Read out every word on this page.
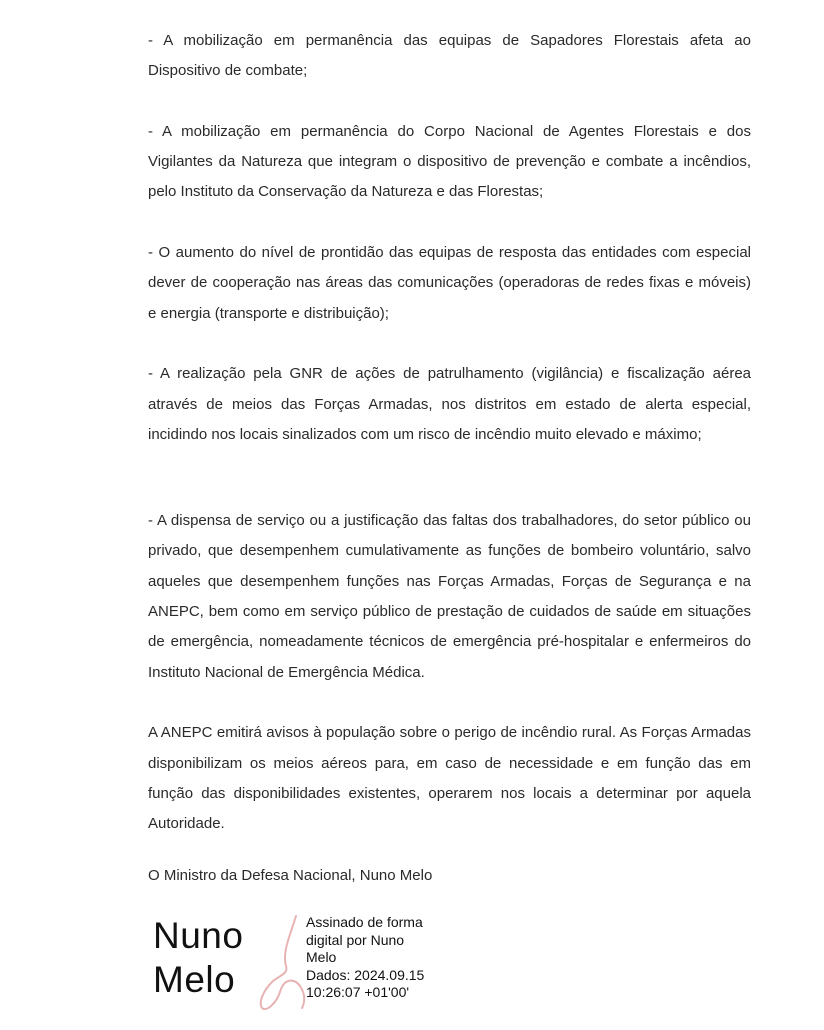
- A mobilização em permanência das equipas de Sapadores Florestais afeta ao Dispositivo de combate;

- A mobilização em permanência do Corpo Nacional de Agentes Florestais e dos Vigilantes da Natureza que integram o dispositivo de prevenção e combate a incêndios, pelo Instituto da Conservação da Natureza e das Florestas;

- O aumento do nível de prontidão das equipas de resposta das entidades com especial dever de cooperação nas áreas das comunicações (operadoras de redes fixas e móveis) e energia (transporte e distribuição);

- A realização pela GNR de ações de patrulhamento (vigilância) e fiscalização aérea através de meios das Forças Armadas, nos distritos em estado de alerta especial, incidindo nos locais sinalizados com um risco de incêndio muito elevado e máximo;

- A dispensa de serviço ou a justificação das faltas dos trabalhadores, do setor público ou privado, que desempenhem cumulativamente as funções de bombeiro voluntário, salvo aqueles que desempenhem funções nas Forças Armadas, Forças de Segurança e na ANEPC, bem como em serviço público de prestação de cuidados de saúde em situações de emergência, nomeadamente técnicos de emergência pré-hospitalar e enfermeiros do Instituto Nacional de Emergência Médica.

A ANEPC emitirá avisos à população sobre o perigo de incêndio rural. As Forças Armadas disponibilizam os meios aéreos para, em caso de necessidade e em função das em função das disponibilidades existentes, operarem nos locais a determinar por aquela Autoridade.

O Ministro da Defesa Nacional, Nuno Melo

Nuno
Melo
Assinado de forma
digital por Nuno
Melo
Dados: 2024.09.15
10:26:07 +01'00'
